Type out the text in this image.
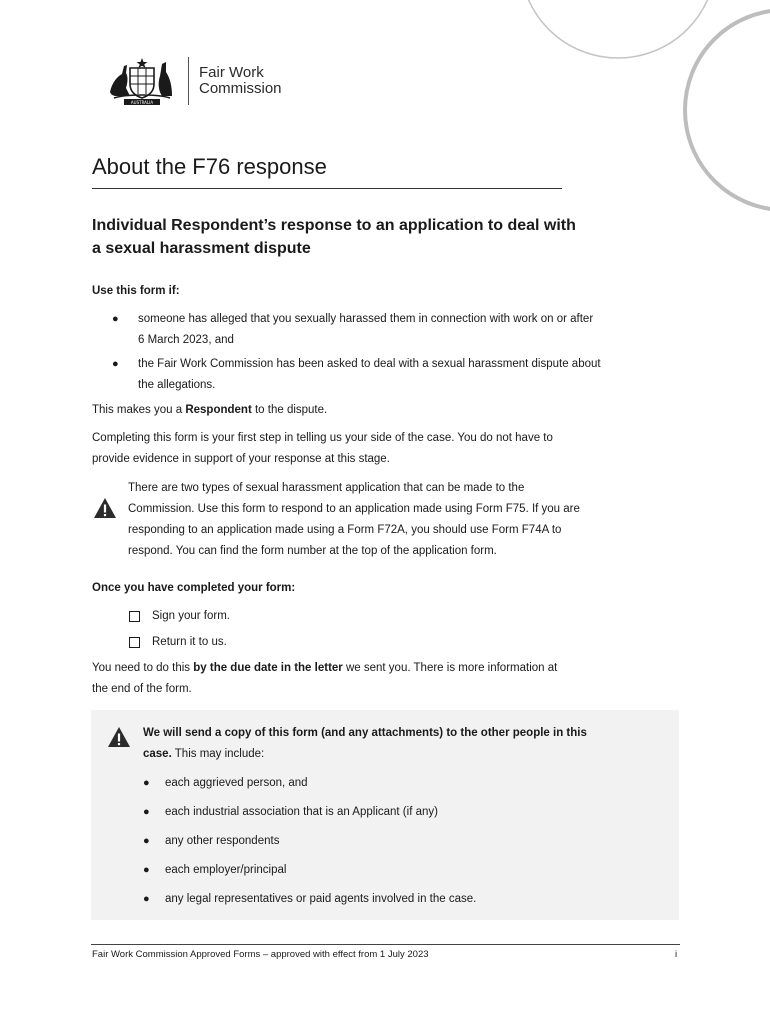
AUSTRALIA
Fair Work
Commission
About the F76 response
Individual Respondent’s response to an application to deal with
a sexual harassment dispute
Use this form if:
●	someone has alleged that you sexually harassed them in connection with work on or after
6 March 2023, and
●	the Fair Work Commission has been asked to deal with a sexual harassment dispute about
the allegations.
This makes you a Respondent to the dispute.
Completing this form is your first step in telling us your side of the case. You do not have to
provide evidence in support of your response at this stage.
There are two types of sexual harassment application that can be made to the
Commission. Use this form to respond to an application made using Form F75. If you are
responding to an application made using a Form F72A, you should use Form F74A to
respond. You can find the form number at the top of the application form.
Once you have completed your form:
Sign your form.
Return it to us.
You need to do this by the due date in the letter we sent you. There is more information at
the end of the form.
We will send a copy of this form (and any attachments) to the other people in this
case. This may include:
●	each aggrieved person, and
●	each industrial association that is an Applicant (if any)
●	any other respondents
●	each employer/principal
●	any legal representatives or paid agents involved in the case.
Fair Work Commission Approved Forms – approved with effect from 1 July 2023	i
